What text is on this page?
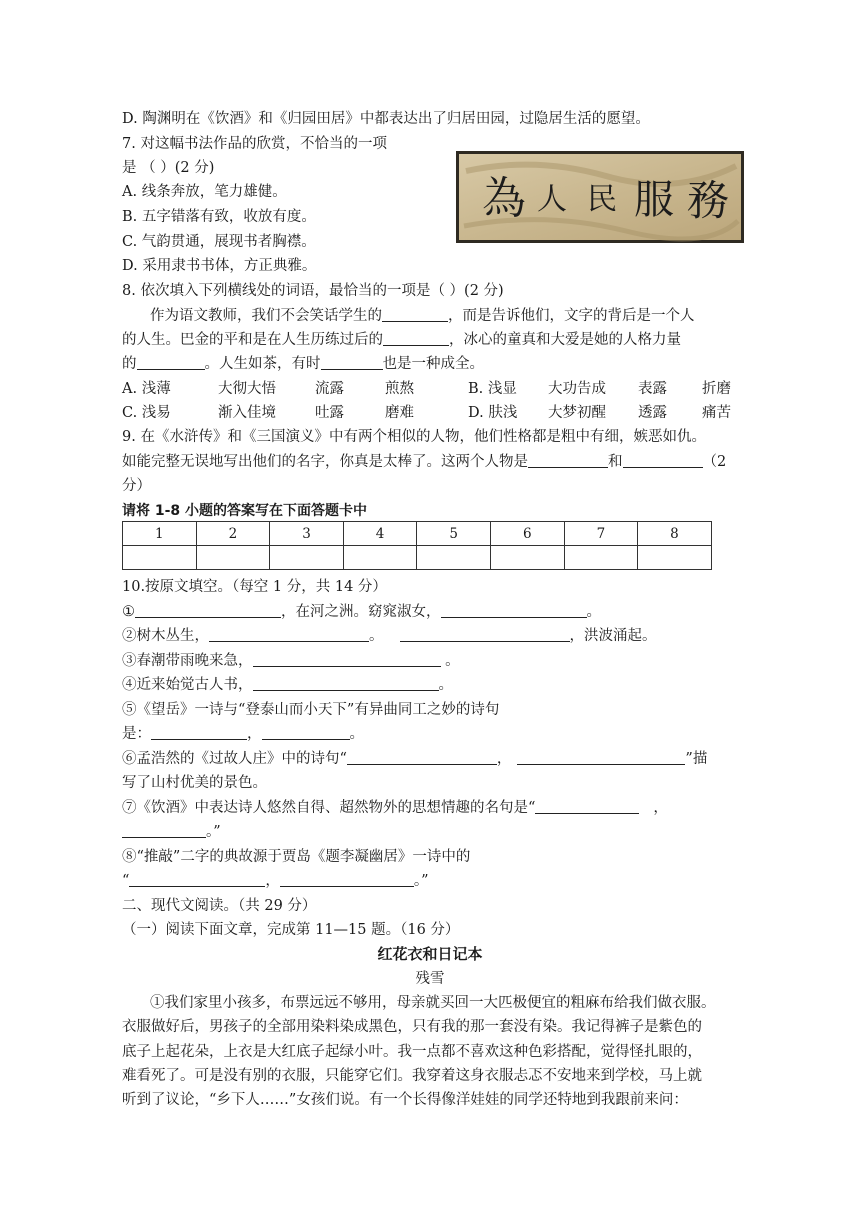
D. 陶渊明在《饮酒》和《归园田居》中都表达出了归居田园，过隐居生活的愿望。
7. 对这幅书法作品的欣赏，不恰当的一项
是 （ ）(2 分)
A. 线条奔放，笔力雄健。
B. 五字错落有致，收放有度。
C. 气韵贯通，展现书者胸襟。
D. 采用隶书书体，方正典雅。
為 人 民 服 務
8. 依次填入下列横线处的词语，最恰当的一项是（ ）(2 分)
作为语文教师，我们不会笑话学生的	，而是告诉他们，文字的背后是一个人
的人生。巴金的平和是在人生历练过后的	，冰心的童真和大爱是她的人格力量
的	。人生如茶，有时	也是一种成全。
A. 浅薄	大彻大悟	流露	煎熬	B. 浅显 大功告成 表露 折磨
C. 浅易	渐入佳境	吐露	磨难	D. 肤浅 大梦初醒 透露 痛苦
9. 在《水浒传》和《三国演义》中有两个相似的人物，他们性格都是粗中有细，嫉恶如仇。
如能完整无误地写出他们的名字，你真是太棒了。这两个人物是	和	（2
分）
请将 1-8 小题的答案写在下面答题卡中
1	2	3	4	5	6	7	8

10.按原文填空。（每空 1 分，共 14 分）
①	，在河之洲。窈窕淑女，	。
②树木丛生，	。	，洪波涌起。
③春潮带雨晚来急，	。
④近来始觉古人书，	。
⑤《望岳》一诗与“登泰山而小天下”有异曲同工之妙的诗句
是：	，	。
⑥孟浩然的《过故人庄》中的诗句“	，	”描
写了山村优美的景色。
⑦《饮酒》中表达诗人悠然自得、超然物外的思想情趣的名句是“	，
。”
⑧“推敲”二字的典故源于贾岛《题李凝幽居》一诗中的
“	，	。”
二、现代文阅读。（共 29 分）
（一）阅读下面文章，完成第 11—15 题。（16 分）
红花衣和日记本
残雪
①我们家里小孩多，布票远远不够用，母亲就买回一大匹极便宜的粗麻布给我们做衣服。
衣服做好后，男孩子的全部用染料染成黑色，只有我的那一套没有染。我记得裤子是紫色的
底子上起花朵，上衣是大红底子起绿小叶。我一点都不喜欢这种色彩搭配，觉得怪扎眼的，
难看死了。可是没有别的衣服，只能穿它们。我穿着这身衣服忐忑不安地来到学校，马上就
听到了议论，“乡下人……”女孩们说。有一个长得像洋娃娃的同学还特地到我跟前来问：
